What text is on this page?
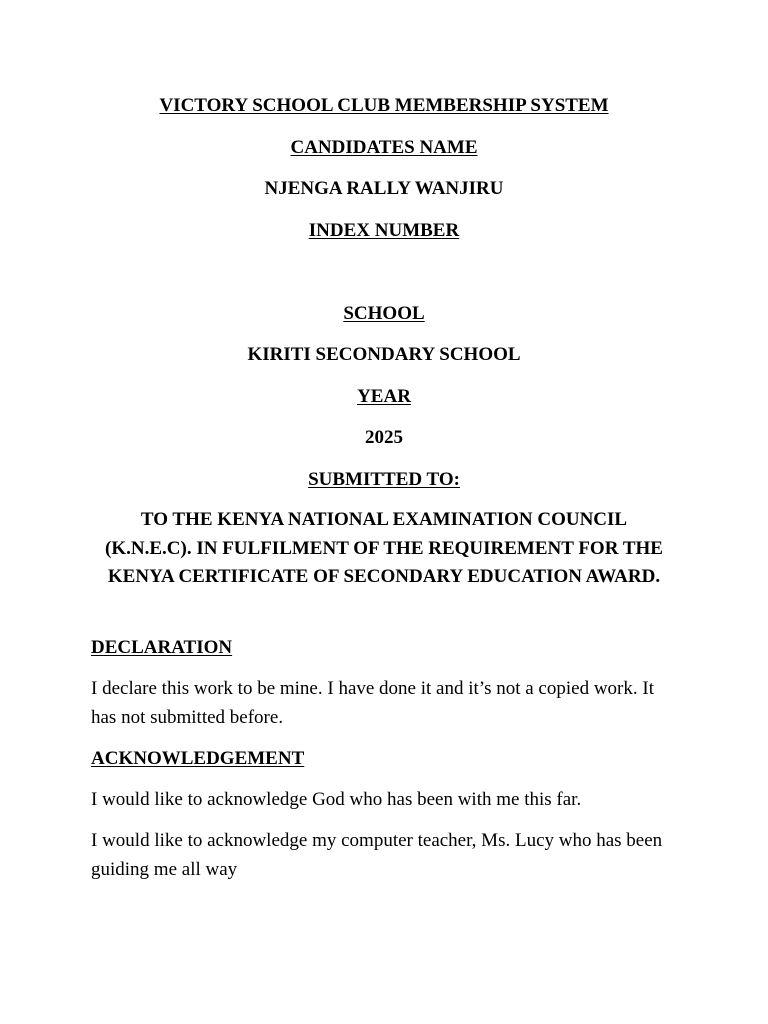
VICTORY SCHOOL CLUB MEMBERSHIP SYSTEM
CANDIDATES NAME
NJENGA RALLY WANJIRU
INDEX NUMBER
SCHOOL
KIRITI SECONDARY SCHOOL
YEAR
2025
SUBMITTED TO:
TO THE KENYA NATIONAL EXAMINATION COUNCIL (K.N.E.C). IN FULFILMENT OF THE REQUIREMENT FOR THE KENYA CERTIFICATE OF SECONDARY EDUCATION AWARD.
DECLARATION
I declare this work to be mine. I have done it and it’s not a copied work. It has not submitted before.
ACKNOWLEDGEMENT
I would like to acknowledge God who has been with me this far.
I would like to acknowledge my computer teacher, Ms. Lucy who has been guiding me all way
